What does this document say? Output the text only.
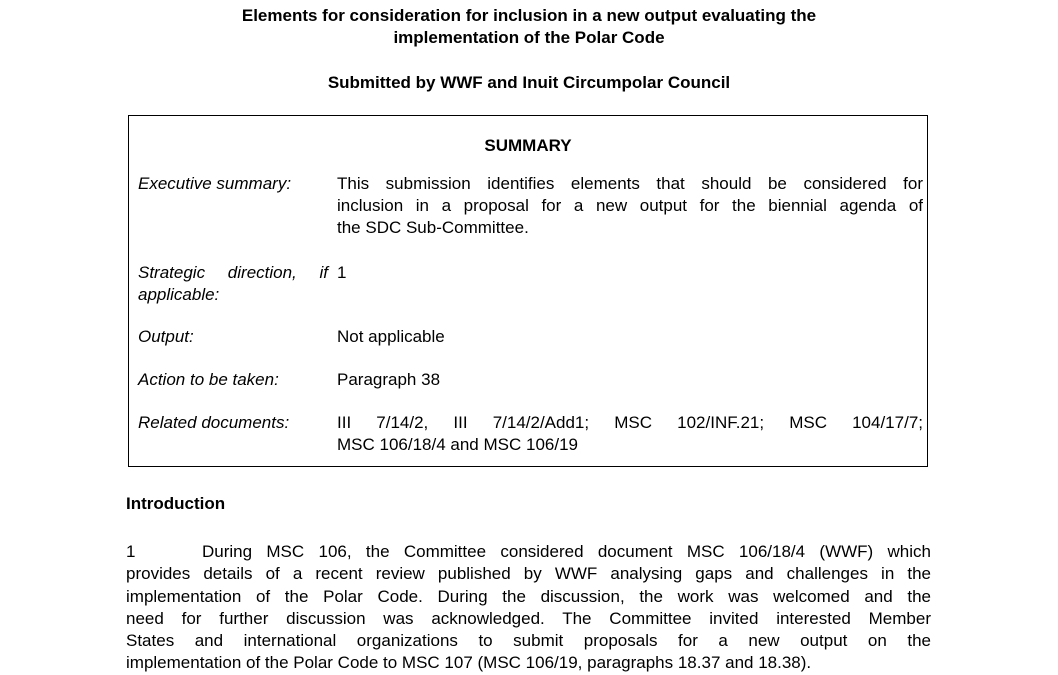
Elements for consideration for inclusion in a new output evaluating the
implementation of the Polar Code
Submitted by WWF and Inuit Circumpolar Council
SUMMARY
Executive summary:	This submission identifies elements that should be considered for
inclusion in a proposal for a new output for the biennial agenda of
the SDC Sub-Committee.
Strategic direction, if
applicable:
1
Output:	Not applicable
Action to be taken:	Paragraph 38
Related documents:	III 7/14/2, III 7/14/2/Add1; MSC 102/INF.21; MSC 104/17/7;
MSC 106/18/4 and MSC 106/19
Introduction
1	During MSC 106, the Committee considered document MSC 106/18/4 (WWF) which
provides details of a recent review published by WWF analysing gaps and challenges in the
implementation of the Polar Code. During the discussion, the work was welcomed and the
need for further discussion was acknowledged. The Committee invited interested Member
States and international organizations to submit proposals for a new output on the
implementation of the Polar Code to MSC 107 (MSC 106/19, paragraphs 18.37 and 18.38).
